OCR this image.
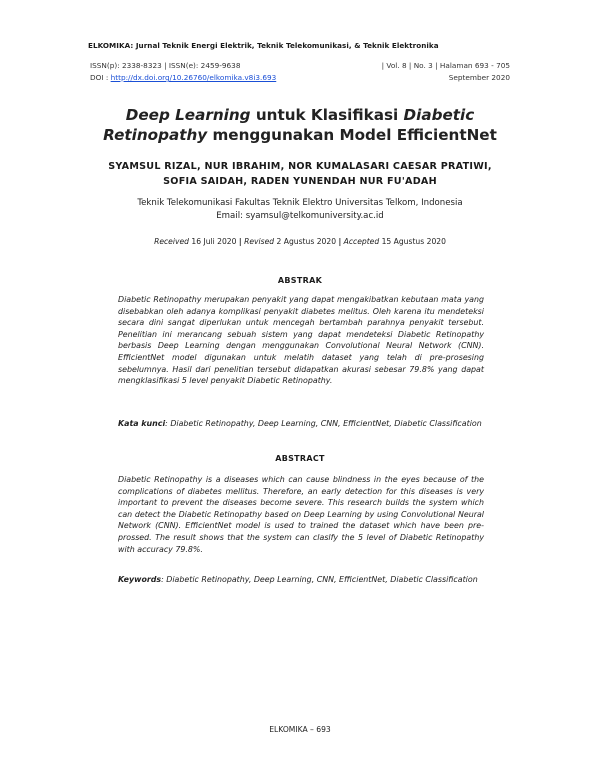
ELKOMIKA: Jurnal Teknik Energi Elektrik, Teknik Telekomunikasi, & Teknik Elektronika
ISSN(p): 2338-8323 | ISSN(e): 2459-9638	| Vol. 8 | No. 3 | Halaman 693 - 705
DOI : http://dx.doi.org/10.26760/elkomika.v8i3.693	September 2020
Deep Learning untuk Klasifikasi Diabetic
Retinopathy menggunakan Model EfficientNet
SYAMSUL RIZAL, NUR IBRAHIM, NOR KUMALASARI CAESAR PRATIWI,
SOFIA SAIDAH, RADEN YUNENDAH NUR FU'ADAH
Teknik Telekomunikasi Fakultas Teknik Elektro Universitas Telkom, Indonesia
Email: syamsul@telkomuniversity.ac.id
Received 16 Juli 2020 | Revised 2 Agustus 2020 | Accepted 15 Agustus 2020
ABSTRAK
Diabetic Retinopathy merupakan penyakit yang dapat mengakibatkan kebutaan mata yang disebabkan oleh adanya komplikasi penyakit diabetes melitus. Oleh karena itu mendeteksi secara dini sangat diperlukan untuk mencegah bertambah parahnya penyakit tersebut. Penelitian ini merancang sebuah sistem yang dapat mendeteksi Diabetic Retinopathy berbasis Deep Learning dengan menggunakan Convolutional Neural Network (CNN). EfficientNet model digunakan untuk melatih dataset yang telah di pre-prosesing sebelumnya. Hasil dari penelitian tersebut didapatkan akurasi sebesar 79.8% yang dapat mengklasifikasi 5 level penyakit Diabetic Retinopathy.
Kata kunci: Diabetic Retinopathy, Deep Learning, CNN, EfficientNet, Diabetic Classification
ABSTRACT
Diabetic Retinopathy is a diseases which can cause blindness in the eyes because of the complications of diabetes mellitus. Therefore, an early detection for this diseases is very important to prevent the diseases become severe. This research builds the system which can detect the Diabetic Retinopathy based on Deep Learning by using Convolutional Neural Network (CNN). EfficientNet model is used to trained the dataset which have been pre-prossed. The result shows that the system can claslfy the 5 level of Diabetic Retinopathy with accuracy 79.8%.
Keywords: Diabetic Retinopathy, Deep Learning, CNN, EfficientNet, Diabetic Classification
ELKOMIKA – 693
